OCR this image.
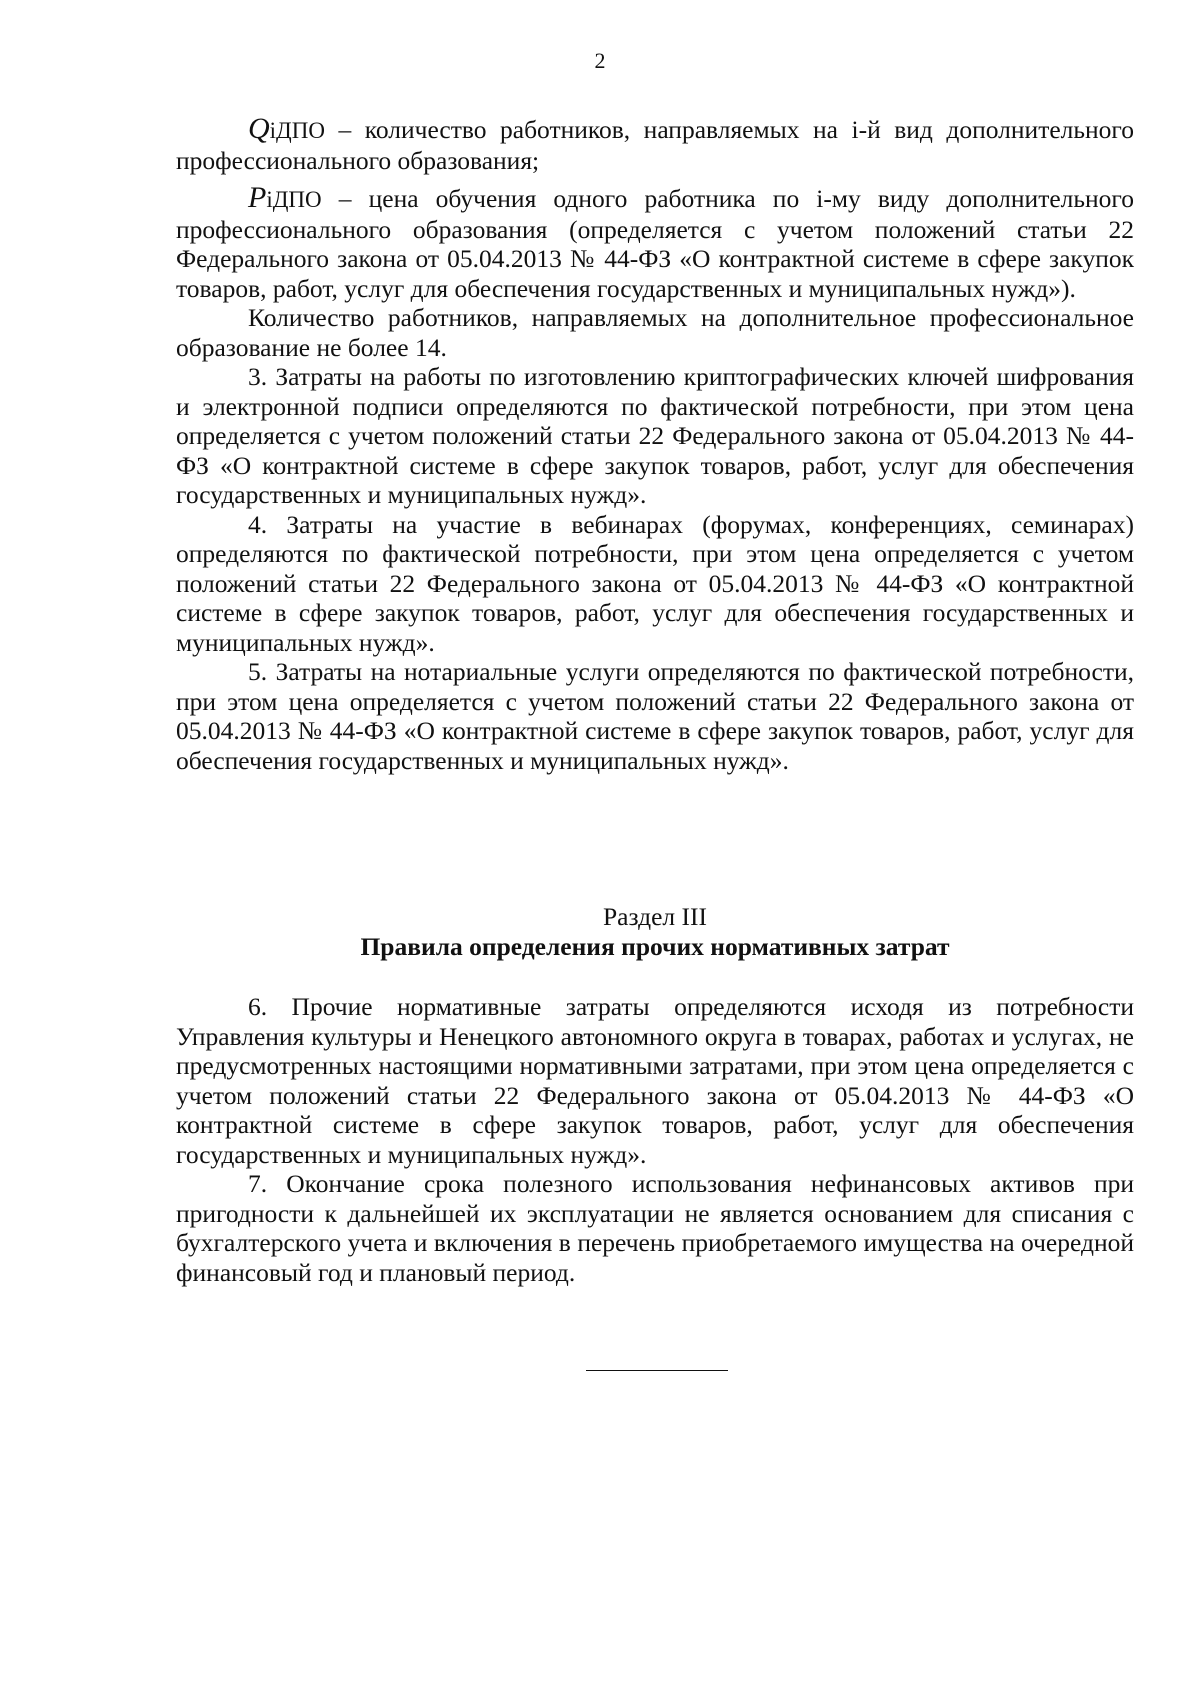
2

QiДПО – количество работников, направляемых на i-й вид дополнительного профессионального образования;

PiДПО – цена обучения одного работника по i-му виду дополнительного профессионального образования (определяется с учетом положений статьи 22 Федерального закона от 05.04.2013 № 44-ФЗ «О контрактной системе в сфере закупок товаров, работ, услуг для обеспечения государственных и муниципальных нужд»).

Количество работников, направляемых на дополнительное профессиональное образование не более 14.

3. Затраты на работы по изготовлению криптографических ключей шифрования и электронной подписи определяются по фактической потребности, при этом цена определяется с учетом положений статьи 22 Федерального закона от 05.04.2013 № 44-ФЗ «О контрактной системе в сфере закупок товаров, работ, услуг для обеспечения государственных и муниципальных нужд».

4. Затраты на участие в вебинарах (форумах, конференциях, семинарах) определяются по фактической потребности, при этом цена определяется с учетом положений статьи 22 Федерального закона от 05.04.2013 № 44-ФЗ «О контрактной системе в сфере закупок товаров, работ, услуг для обеспечения государственных и муниципальных нужд».

5. Затраты на нотариальные услуги определяются по фактической потребности, при этом цена определяется с учетом положений статьи 22 Федерального закона от 05.04.2013 № 44-ФЗ «О контрактной системе в сфере закупок товаров, работ, услуг для обеспечения государственных и муниципальных нужд».

Раздел III

Правила определения прочих нормативных затрат

6. Прочие нормативные затраты определяются исходя из потребности Управления культуры и Ненецкого автономного округа в товарах, работах и услугах, не предусмотренных настоящими нормативными затратами, при этом цена определяется с учетом положений статьи 22 Федерального закона от 05.04.2013 № 44-ФЗ «О контрактной системе в сфере закупок товаров, работ, услуг для обеспечения государственных и муниципальных нужд».

7. Окончание срока полезного использования нефинансовых активов при пригодности к дальнейшей их эксплуатации не является основанием для списания с бухгалтерского учета и включения в перечень приобретаемого имущества на очередной финансовый год и плановый период.
